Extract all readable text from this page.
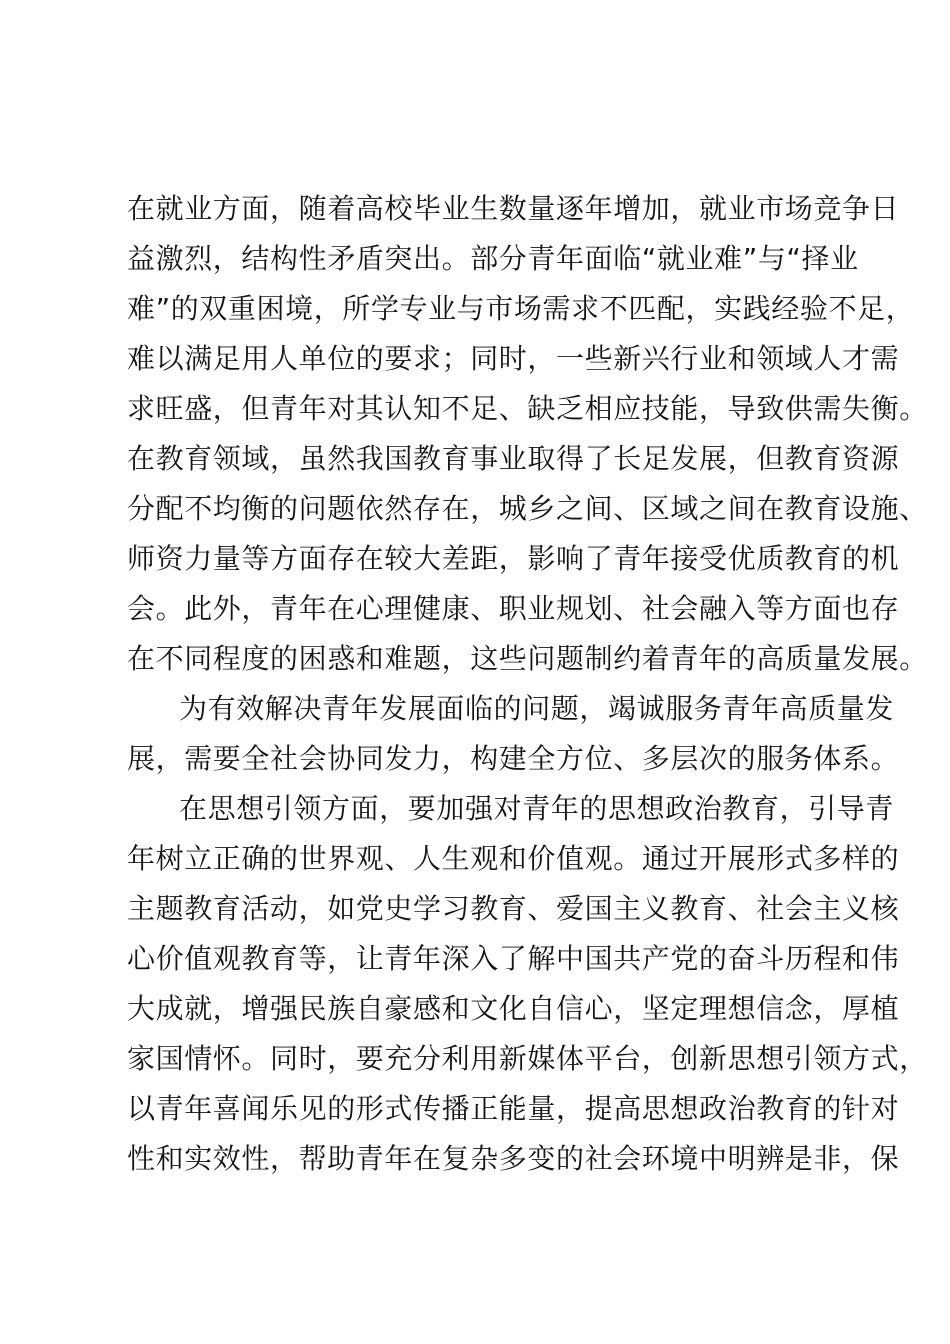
在就业方面，随着高校毕业生数量逐年增加，就业市场竞争日
益激烈，结构性矛盾突出。部分青年面临“就业难”与“择业
难”的双重困境，所学专业与市场需求不匹配，实践经验不足，
难以满足用人单位的要求；同时，一些新兴行业和领域人才需
求旺盛，但青年对其认知不足、缺乏相应技能，导致供需失衡。
在教育领域，虽然我国教育事业取得了长足发展，但教育资源
分配不均衡的问题依然存在，城乡之间、区域之间在教育设施、
师资力量等方面存在较大差距，影响了青年接受优质教育的机
会。此外，青年在心理健康、职业规划、社会融入等方面也存
在不同程度的困惑和难题，这些问题制约着青年的高质量发展。
为有效解决青年发展面临的问题，竭诚服务青年高质量发
展，需要全社会协同发力，构建全方位、多层次的服务体系。
在思想引领方面，要加强对青年的思想政治教育，引导青
年树立正确的世界观、人生观和价值观。通过开展形式多样的
主题教育活动，如党史学习教育、爱国主义教育、社会主义核
心价值观教育等，让青年深入了解中国共产党的奋斗历程和伟
大成就，增强民族自豪感和文化自信心，坚定理想信念，厚植
家国情怀。同时，要充分利用新媒体平台，创新思想引领方式，
以青年喜闻乐见的形式传播正能量，提高思想政治教育的针对
性和实效性，帮助青年在复杂多变的社会环境中明辨是非，保
